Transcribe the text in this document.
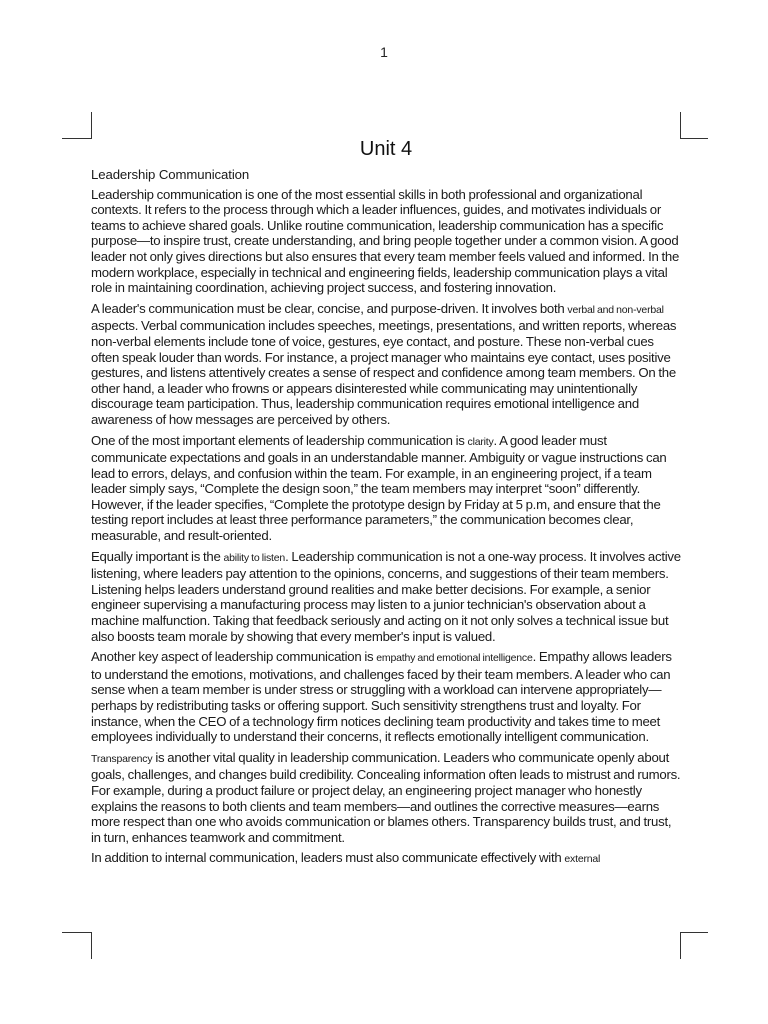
1
Unit 4
Leadership Communication

Leadership communication is one of the most essential skills in both professional and organizational contexts. It refers to the process through which a leader influences, guides, and motivates individuals or teams to achieve shared goals. Unlike routine communication, leadership communication has a specific purpose—to inspire trust, create understanding, and bring people together under a common vision. A good leader not only gives directions but also ensures that every team member feels valued and informed. In the modern workplace, especially in technical and engineering fields, leadership communication plays a vital role in maintaining coordination, achieving project success, and fostering innovation.

A leader's communication must be clear, concise, and purpose-driven. It involves both verbal and non-verbal aspects. Verbal communication includes speeches, meetings, presentations, and written reports, whereas non-verbal elements include tone of voice, gestures, eye contact, and posture. These non-verbal cues often speak louder than words. For instance, a project manager who maintains eye contact, uses positive gestures, and listens attentively creates a sense of respect and confidence among team members. On the other hand, a leader who frowns or appears disinterested while communicating may unintentionally discourage team participation. Thus, leadership communication requires emotional intelligence and awareness of how messages are perceived by others.

One of the most important elements of leadership communication is clarity. A good leader must communicate expectations and goals in an understandable manner. Ambiguity or vague instructions can lead to errors, delays, and confusion within the team. For example, in an engineering project, if a team leader simply says, “Complete the design soon,” the team members may interpret “soon” differently. However, if the leader specifies, “Complete the prototype design by Friday at 5 p.m, and ensure that the testing report includes at least three performance parameters,” the communication becomes clear, measurable, and result-oriented.

Equally important is the ability to listen. Leadership communication is not a one-way process. It involves active listening, where leaders pay attention to the opinions, concerns, and suggestions of their team members. Listening helps leaders understand ground realities and make better decisions. For example, a senior engineer supervising a manufacturing process may listen to a junior technician's observation about a machine malfunction. Taking that feedback seriously and acting on it not only solves a technical issue but also boosts team morale by showing that every member's input is valued.

Another key aspect of leadership communication is empathy and emotional intelligence. Empathy allows leaders to understand the emotions, motivations, and challenges faced by their team members. A leader who can sense when a team member is under stress or struggling with a workload can intervene appropriately—perhaps by redistributing tasks or offering support. Such sensitivity strengthens trust and loyalty. For instance, when the CEO of a technology firm notices declining team productivity and takes time to meet employees individually to understand their concerns, it reflects emotionally intelligent communication.

Transparency is another vital quality in leadership communication. Leaders who communicate openly about goals, challenges, and changes build credibility. Concealing information often leads to mistrust and rumors. For example, during a product failure or project delay, an engineering project manager who honestly explains the reasons to both clients and team members—and outlines the corrective measures—earns more respect than one who avoids communication or blames others. Transparency builds trust, and trust, in turn, enhances teamwork and commitment.

In addition to internal communication, leaders must also communicate effectively with external
